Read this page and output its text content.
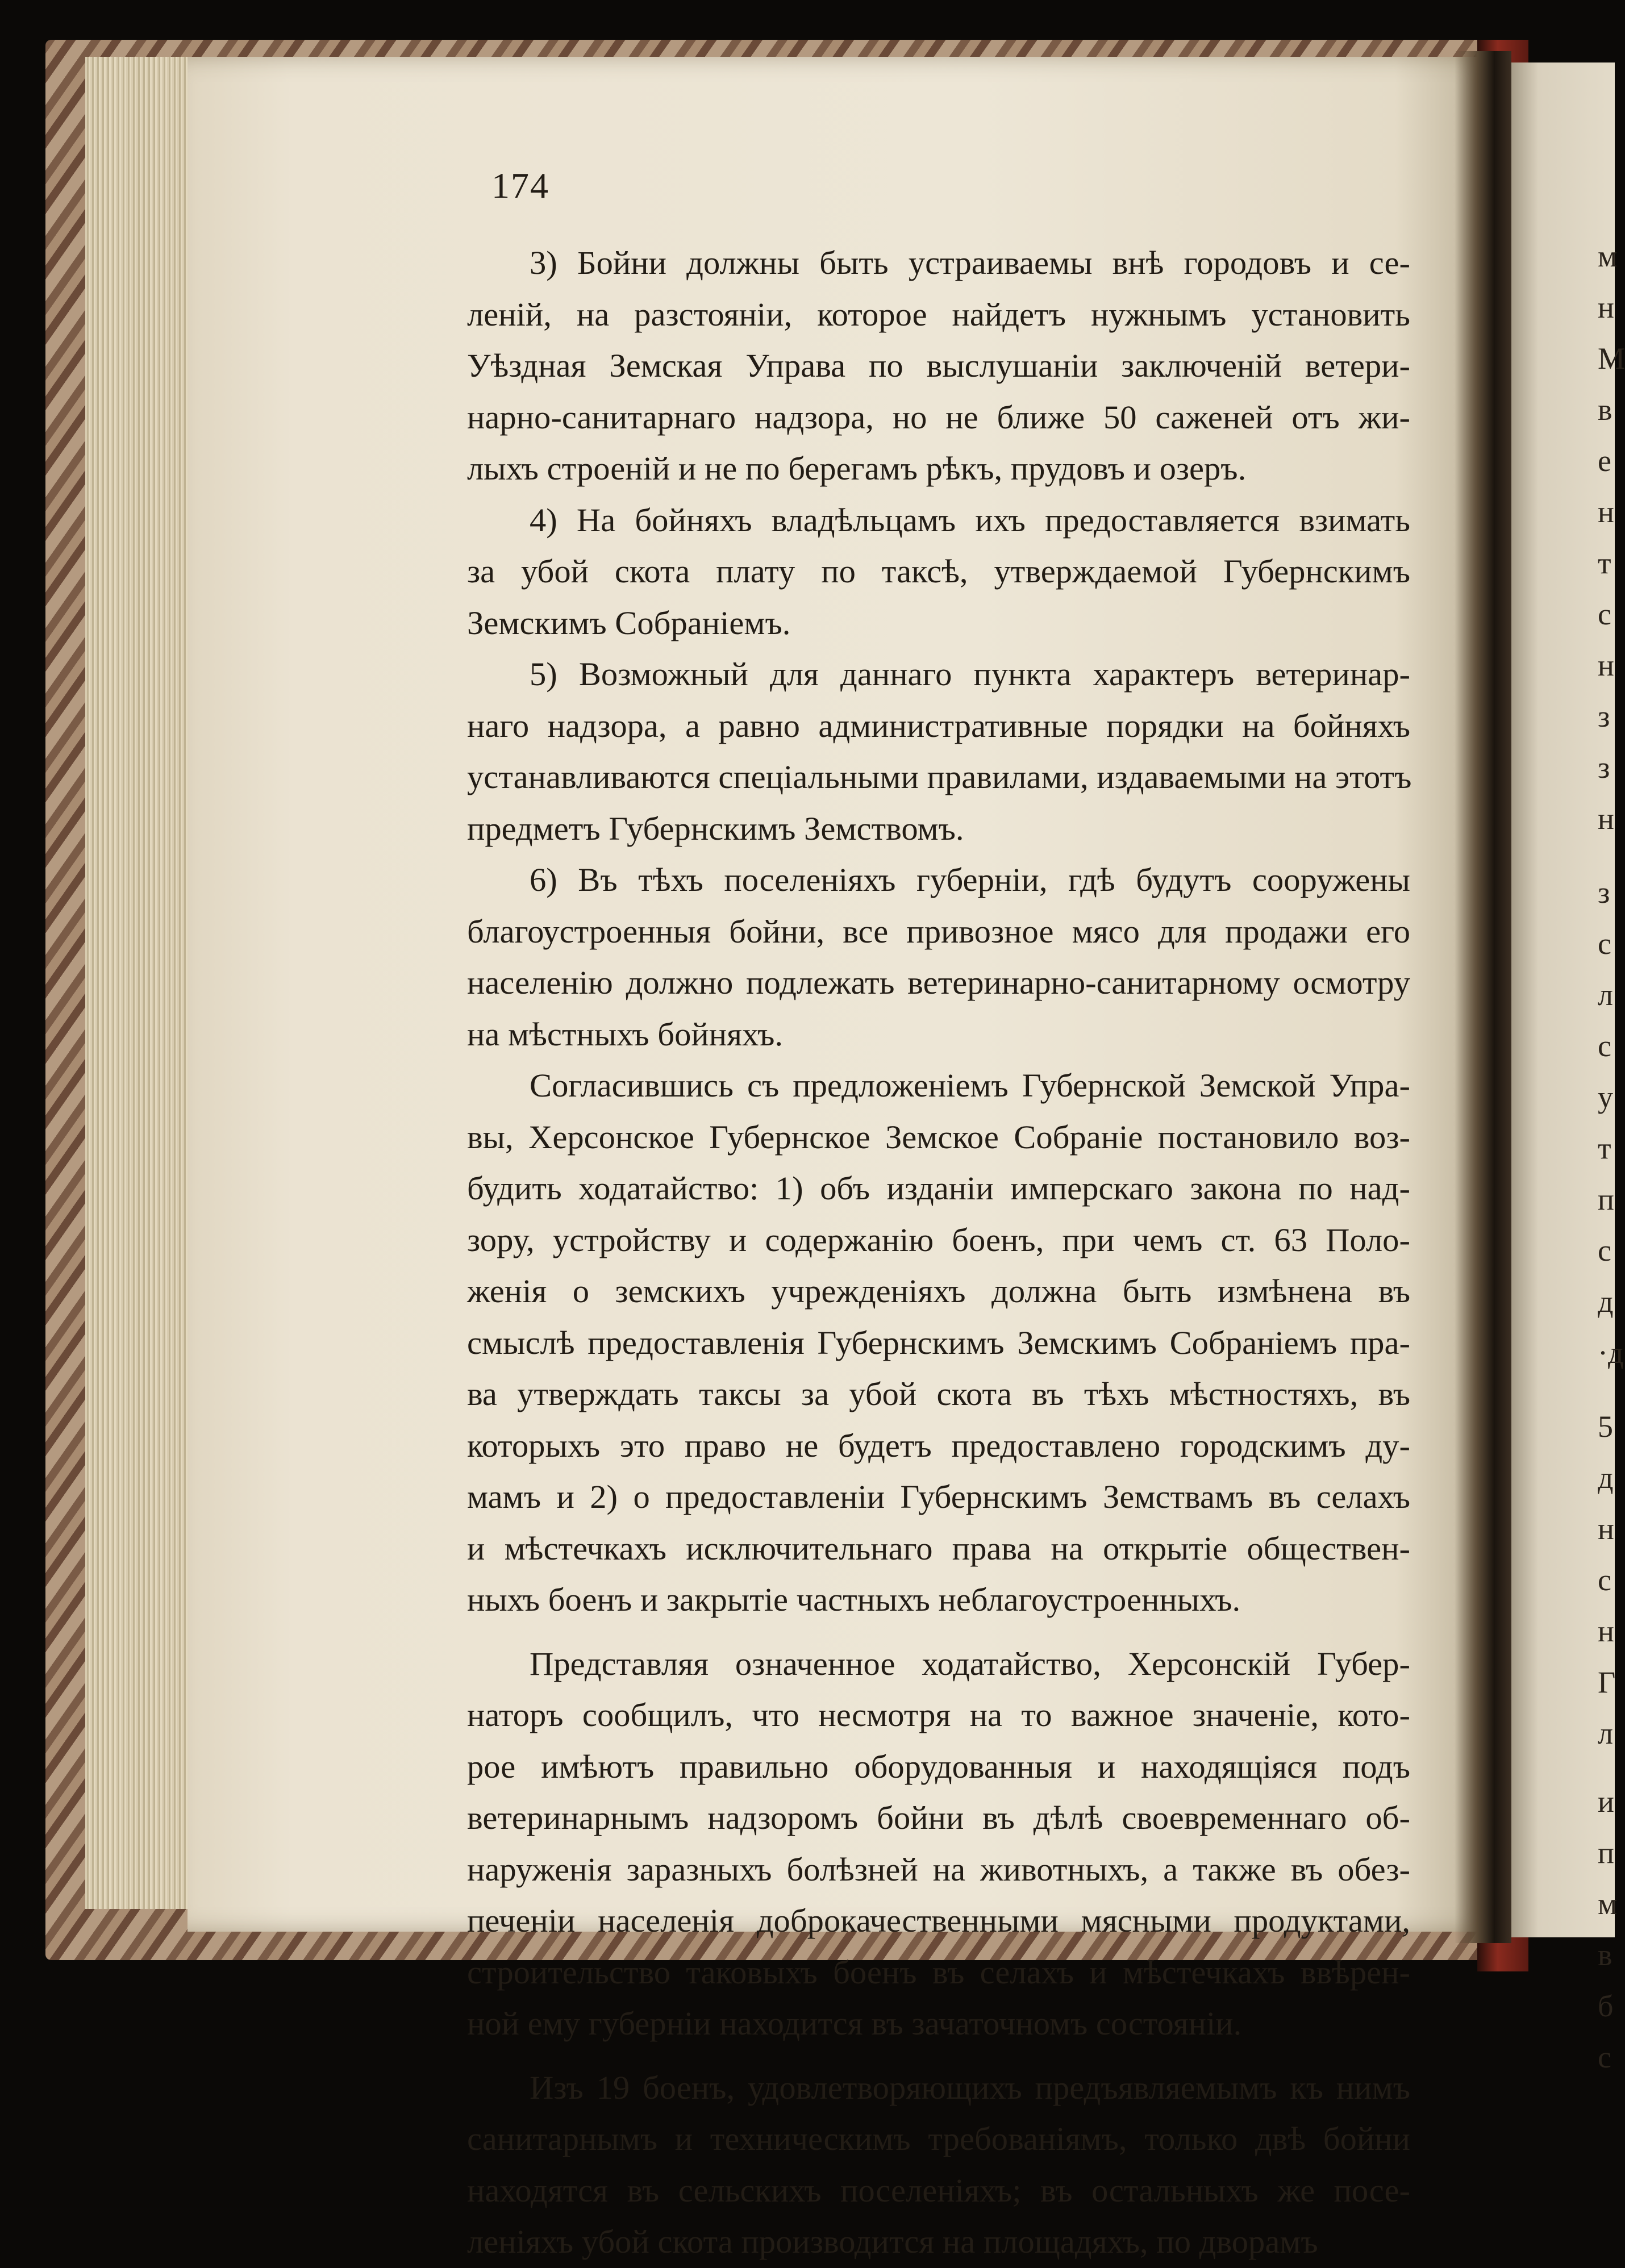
м
н
М
в
е
н
т
с
н
з
з
н
з
с
л
с
у
т
п
с
д
·д
5
д
н
с
н
Г
л
и
п
м
в
б
с
174
3) Бойни должны быть устраиваемы внѣ городовъ и се-
леній, на разстояніи, которое найдетъ нужнымъ установить
Уѣздная Земская Управа по выслушаніи заключеній ветери-
нарно-санитарнаго надзора, но не ближе 50 саженей отъ жи-
лыхъ строеній и не по берегамъ рѣкъ, прудовъ и озеръ.
4) На бойняхъ владѣльцамъ ихъ предоставляется взимать
за убой скота плату по таксѣ, утверждаемой Губернскимъ
Земскимъ Собраніемъ.
5) Возможный для даннаго пункта характеръ ветеринар-
наго надзора, а равно административные порядки на бойняхъ
устанавливаются спеціальными правилами, издаваемыми на этотъ
предметъ Губернскимъ Земствомъ.
6) Въ тѣхъ поселеніяхъ губерніи, гдѣ будутъ сооружены
благоустроенныя бойни, все привозное мясо для продажи его
населенію должно подлежать ветеринарно-санитарному осмотру
на мѣстныхъ бойняхъ.
Согласившись съ предложеніемъ Губернской Земской Упра-
вы, Херсонское Губернское Земское Собраніе постановило воз-
будить ходатайство: 1) объ изданіи имперскаго закона по над-
зору, устройству и содержанію боенъ, при чемъ ст. 63 Поло-
женія о земскихъ учрежденіяхъ должна быть измѣнена въ
смыслѣ предоставленія Губернскимъ Земскимъ Собраніемъ пра-
ва утверждать таксы за убой скота въ тѣхъ мѣстностяхъ, въ
которыхъ это право не будетъ предоставлено городскимъ ду-
мамъ и 2) о предоставленіи Губернскимъ Земствамъ въ селахъ
и мѣстечкахъ исключительнаго права на открытіе обществен-
ныхъ боенъ и закрытіе частныхъ неблагоустроенныхъ.
Представляя означенное ходатайство, Херсонскій Губер-
наторъ сообщилъ, что несмотря на то важное значеніе, кото-
рое имѣютъ правильно оборудованныя и находящіяся подъ
ветеринарнымъ надзоромъ бойни въ дѣлѣ своевременнаго об-
наруженія заразныхъ болѣзней на животныхъ, а также въ обез-
печеніи населенія доброкачественными мясными продуктами,
строительство таковыхъ боенъ въ селахъ и мѣстечкахъ ввѣрен-
ной ему губерніи находится въ зачаточномъ состояніи.
Изъ 19 боенъ, удовлетворяющихъ предъявляемымъ къ нимъ
санитарнымъ и техническимъ требованіямъ, только двѣ бойни
находятся въ сельскихъ поселеніяхъ; въ остальныхъ же посе-
леніяхъ убой скота производится на площадяхъ, по дворамъ
